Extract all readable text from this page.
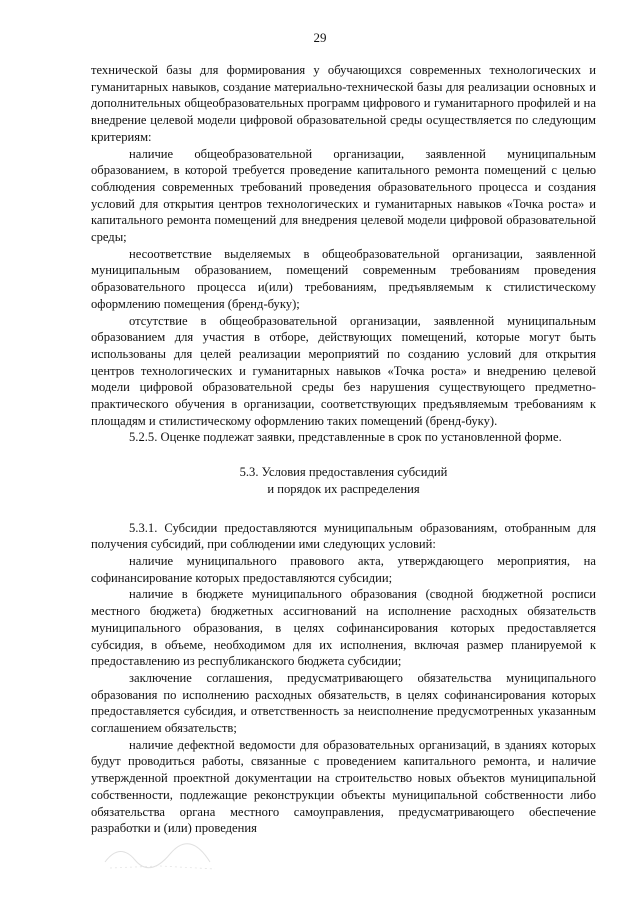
29

технической базы для формирования у обучающихся современных технологических и гуманитарных навыков, создание материально-технической базы для реализации основных и дополнительных общеобразовательных программ цифрового и гуманитарного профилей и на внедрение целевой модели цифровой образовательной среды осуществляется по следующим критериям:

наличие общеобразовательной организации, заявленной муниципальным образованием, в которой требуется проведение капитального ремонта помещений с целью соблюдения современных требований проведения образовательного процесса и создания условий для открытия центров технологических и гуманитарных навыков «Точка роста» и капитального ремонта помещений для внедрения целевой модели цифровой образовательной среды;

несоответствие выделяемых в общеобразовательной организации, заявленной муниципальным образованием, помещений современным требованиям проведения образовательного процесса и(или) требованиям, предъявляемым к стилистическому оформлению помещения (бренд-буку);

отсутствие в общеобразовательной организации, заявленной муниципальным образованием для участия в отборе, действующих помещений, которые могут быть использованы для целей реализации мероприятий по созданию условий для открытия центров технологических и гуманитарных навыков «Точка роста» и внедрению целевой модели цифровой образовательной среды без нарушения существующего предметно-практического обучения в организации, соответствующих предъявляемым требованиям к площадям и стилистическому оформлению таких помещений (бренд-буку).

5.2.5. Оценке подлежат заявки, представленные в срок по установленной форме.

5.3. Условия предоставления субсидий
и порядок их распределения

5.3.1. Субсидии предоставляются муниципальным образованиям, отобранным для получения субсидий, при соблюдении ими следующих условий:

наличие муниципального правового акта, утверждающего мероприятия, на софинансирование которых предоставляются субсидии;

наличие в бюджете муниципального образования (сводной бюджетной росписи местного бюджета) бюджетных ассигнований на исполнение расходных обязательств муниципального образования, в целях софинансирования которых предоставляется субсидия, в объеме, необходимом для их исполнения, включая размер планируемой к предоставлению из республиканского бюджета субсидии;

заключение соглашения, предусматривающего обязательства муниципального образования по исполнению расходных обязательств, в целях софинансирования которых предоставляется субсидия, и ответственность за неисполнение предусмотренных указанным соглашением обязательств;

наличие дефектной ведомости для образовательных организаций, в зданиях которых будут проводиться работы, связанные с проведением капитального ремонта, и наличие утвержденной проектной документации на строительство новых объектов муниципальной собственности, подлежащие реконструкции объекты муниципальной собственности либо обязательства органа местного самоуправления, предусматривающего обеспечение разработки и (или) проведения
